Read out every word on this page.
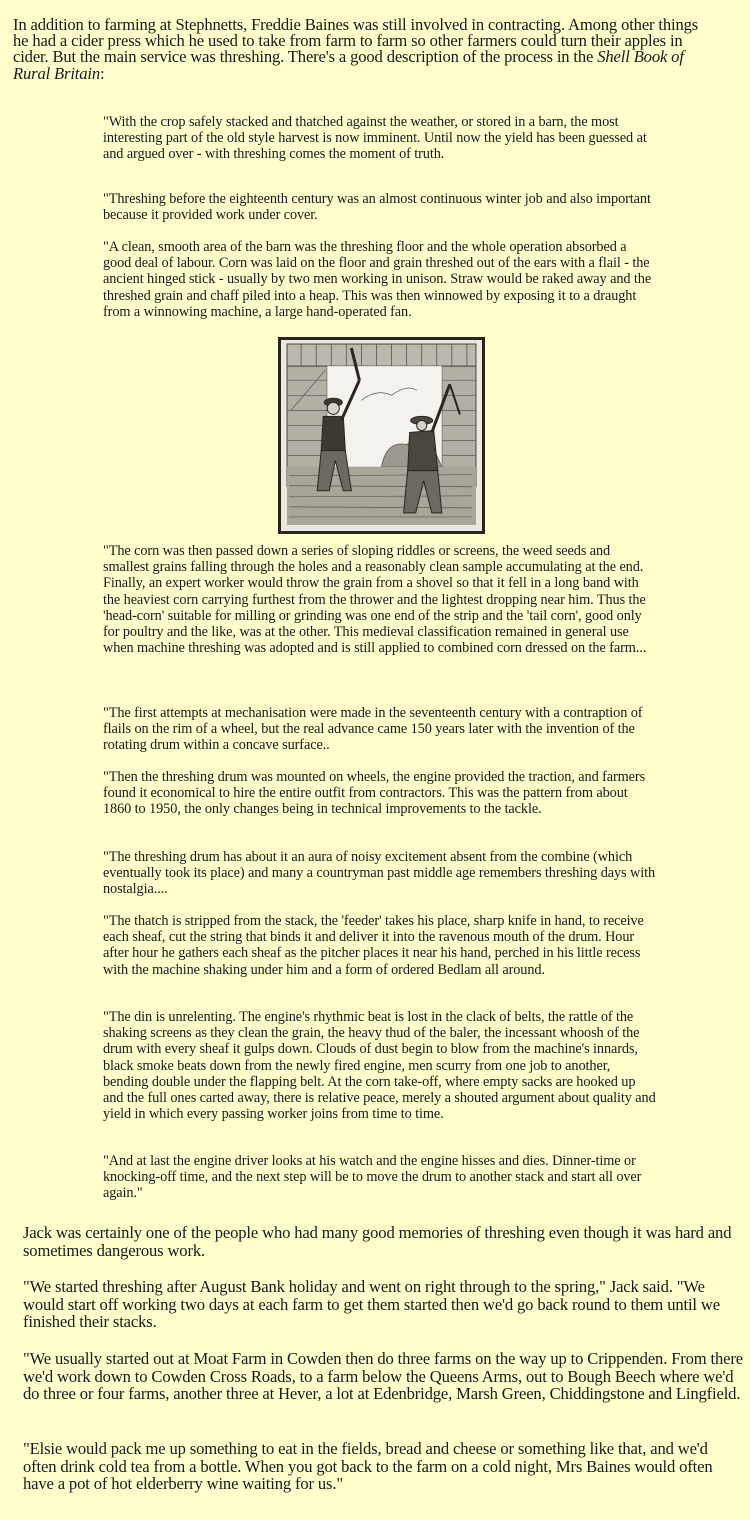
In addition to farming at Stephnetts, Freddie Baines was still involved in contracting. Among other things he had a cider press which he used to take from farm to farm so other farmers could turn their apples in cider. But the main service was threshing. There's a good description of the process in the Shell Book of Rural Britain:

"With the crop safely stacked and thatched against the weather, or stored in a barn, the most interesting part of the old style harvest is now imminent. Until now the yield has been guessed at and argued over - with threshing comes the moment of truth.

"Threshing before the eighteenth century was an almost continuous winter job and also important because it provided work under cover.

"A clean, smooth area of the barn was the threshing floor and the whole operation absorbed a good deal of labour. Corn was laid on the floor and grain threshed out of the ears with a flail - the ancient hinged stick - usually by two men working in unison. Straw would be raked away and the threshed grain and chaff piled into a heap. This was then winnowed by exposing it to a draught from a winnowing machine, a large hand-operated fan.

"The corn was then passed down a series of sloping riddles or screens, the weed seeds and smallest grains falling through the holes and a reasonably clean sample accumulating at the end. Finally, an expert worker would throw the grain from a shovel so that it fell in a long band with the heaviest corn carrying furthest from the thrower and the lightest dropping near him. Thus the 'head-corn' suitable for milling or grinding was one end of the strip and the 'tail corn', good only for poultry and the like, was at the other. This medieval classification remained in general use when machine threshing was adopted and is still applied to combined corn dressed on the farm...

"The first attempts at mechanisation were made in the seventeenth century with a contraption of flails on the rim of a wheel, but the real advance came 150 years later with the invention of the rotating drum within a concave surface..

"Then the threshing drum was mounted on wheels, the engine provided the traction, and farmers found it economical to hire the entire outfit from contractors. This was the pattern from about 1860 to 1950, the only changes being in technical improvements to the tackle.

"The threshing drum has about it an aura of noisy excitement absent from the combine (which eventually took its place) and many a countryman past middle age remembers threshing days with nostalgia....

"The thatch is stripped from the stack, the 'feeder' takes his place, sharp knife in hand, to receive each sheaf, cut the string that binds it and deliver it into the ravenous mouth of the drum. Hour after hour he gathers each sheaf as the pitcher places it near his hand, perched in his little recess with the machine shaking under him and a form of ordered Bedlam all around.

"The din is unrelenting. The engine's rhythmic beat is lost in the clack of belts, the rattle of the shaking screens as they clean the grain, the heavy thud of the baler, the incessant whoosh of the drum with every sheaf it gulps down. Clouds of dust begin to blow from the machine's innards, black smoke beats down from the newly fired engine, men scurry from one job to another, bending double under the flapping belt. At the corn take-off, where empty sacks are hooked up and the full ones carted away, there is relative peace, merely a shouted argument about quality and yield in which every passing worker joins from time to time.

"And at last the engine driver looks at his watch and the engine hisses and dies. Dinner-time or knocking-off time, and the next step will be to move the drum to another stack and start all over again."

Jack was certainly one of the people who had many good memories of threshing even though it was hard and sometimes dangerous work.

"We started threshing after August Bank holiday and went on right through to the spring," Jack said. "We would start off working two days at each farm to get them started then we'd go back round to them until we finished their stacks.

"We usually started out at Moat Farm in Cowden then do three farms on the way up to Crippenden. From there we'd work down to Cowden Cross Roads, to a farm below the Queens Arms, out to Bough Beech where we'd do three or four farms, another three at Hever, a lot at Edenbridge, Marsh Green, Chiddingstone and Lingfield.

"Elsie would pack me up something to eat in the fields, bread and cheese or something like that, and we'd often drink cold tea from a bottle. When you got back to the farm on a cold night, Mrs Baines would often have a pot of hot elderberry wine waiting for us."
